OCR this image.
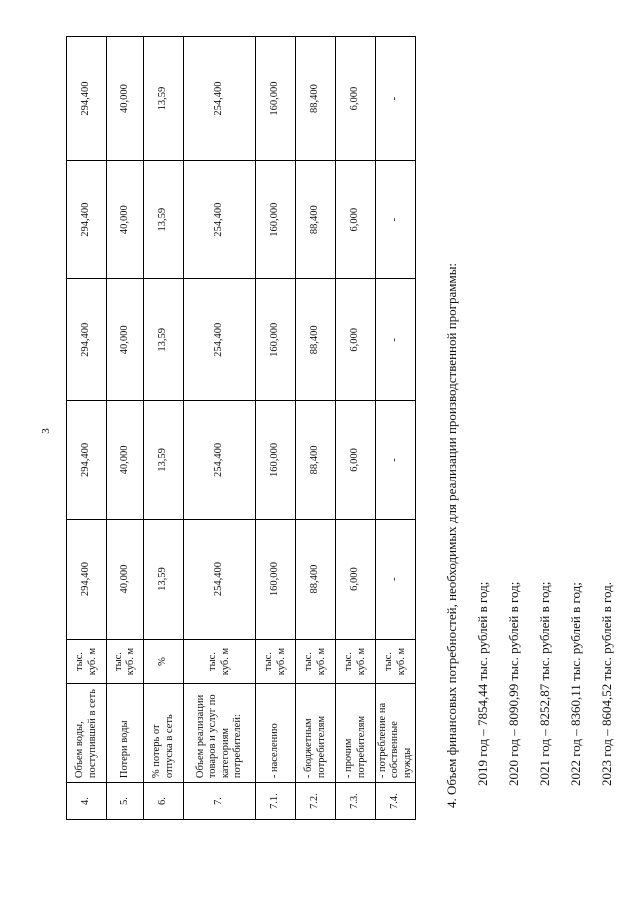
3
4.	Объем воды, поступившей в сеть	тыс. куб. м	294,400	294,400	294,400	294,400	294,400
5.	Потери воды	тыс. куб. м	40,000	40,000	40,000	40,000	40,000
6.	% потерь от отпуска в сеть	%	13,59	13,59	13,59	13,59	13,59
7.	Объем реализации товаров и услуг по категориям потребителей:	тыс. куб. м	254,400	254,400	254,400	254,400	254,400
7.1.	- населению	тыс. куб. м	160,000	160,000	160,000	160,000	160,000
7.2.	- бюджетным потребителям	тыс. куб. м	88,400	88,400	88,400	88,400	88,400
7.3.	- прочим потребителям	тыс. куб. м	6,000	6,000	6,000	6,000	6,000
7.4.	- потребление на собственные нужды	тыс. куб. м	-	-	-	-	-

4. Объем финансовых потребностей, необходимых для реализации производственной программы:	2019 год – 7854,44 тыс. рублей в год;	2020 год – 8090,99 тыс. рублей в год;	2021 год – 8252,87 тыс. рублей в год;	2022 год – 8360,11 тыс. рублей в год;	2023 год – 8604,52 тыс. рублей в год.
